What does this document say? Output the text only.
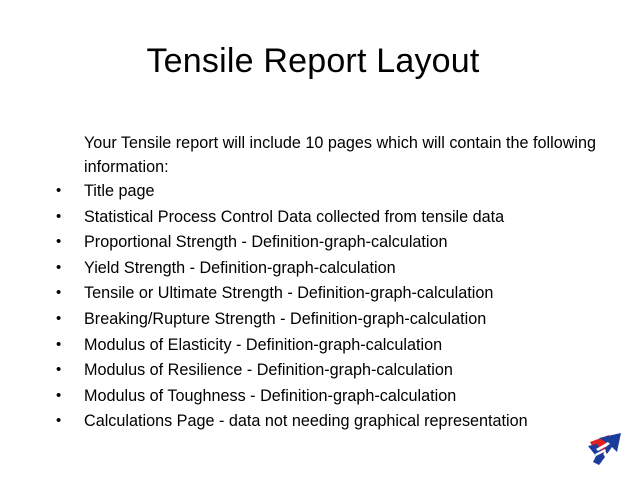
Tensile Report Layout

Your Tensile report will include 10 pages which will contain the following information:

•	Title page
•	Statistical Process Control Data collected from tensile data
•	Proportional Strength - Definition-graph-calculation
•	Yield Strength - Definition-graph-calculation
•	Tensile or Ultimate Strength - Definition-graph-calculation
•	Breaking/Rupture Strength - Definition-graph-calculation
•	Modulus of Elasticity - Definition-graph-calculation
•	Modulus of Resilience - Definition-graph-calculation
•	Modulus of Toughness - Definition-graph-calculation
•	Calculations Page - data not needing graphical representation
